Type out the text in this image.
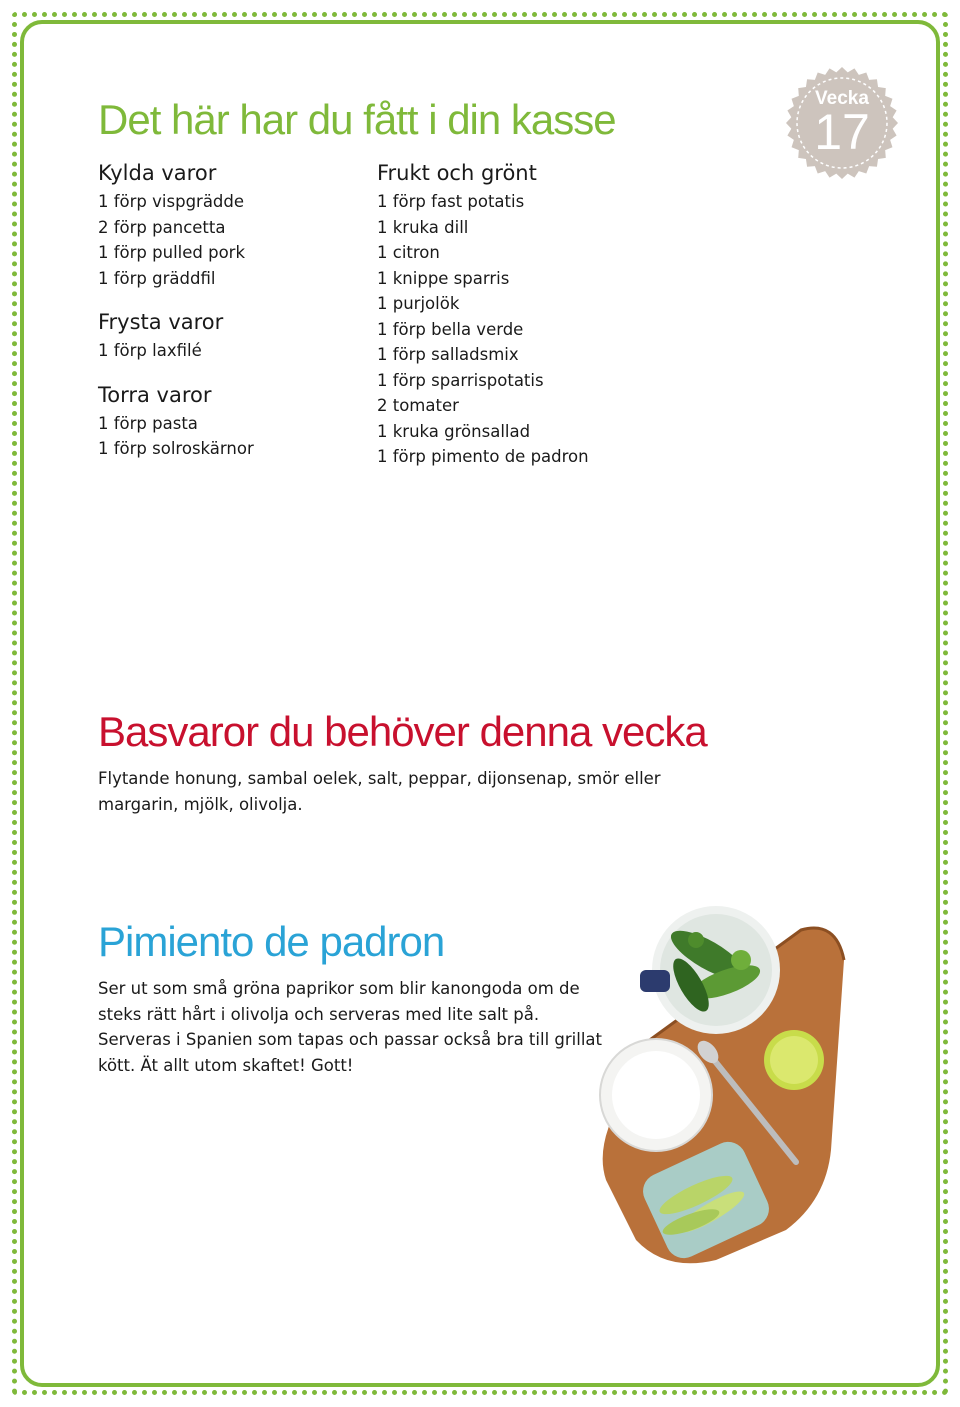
Det här har du fått i din kasse	Vecka
17
Kylda varor

1 förp vispgrädde

2 förp pancetta

1 förp pulled pork

1 förp gräddfil

Frysta varor

1 förp laxfilé

Torra varor

1 förp pasta

1 förp solroskärnor

Frukt och grönt

1 förp fast potatis

1 kruka dill

1 citron

1 knippe sparris

1 purjolök

1 förp bella verde

1 förp salladsmix

1 förp sparrispotatis

2 tomater

1 kruka grönsallad

1 förp pimento de padron

Basvaror du behöver denna vecka

Flytande honung, sambal oelek, salt, peppar, dijonsenap, smör eller margarin, mjölk, olivolja.

Pimiento de padron

Ser ut som små gröna paprikor som blir kanongoda om de steks rätt hårt i olivolja och serveras med lite salt på. Serveras i Spanien som tapas och passar också bra till grillat kött. Ät allt utom skaftet! Gott!
